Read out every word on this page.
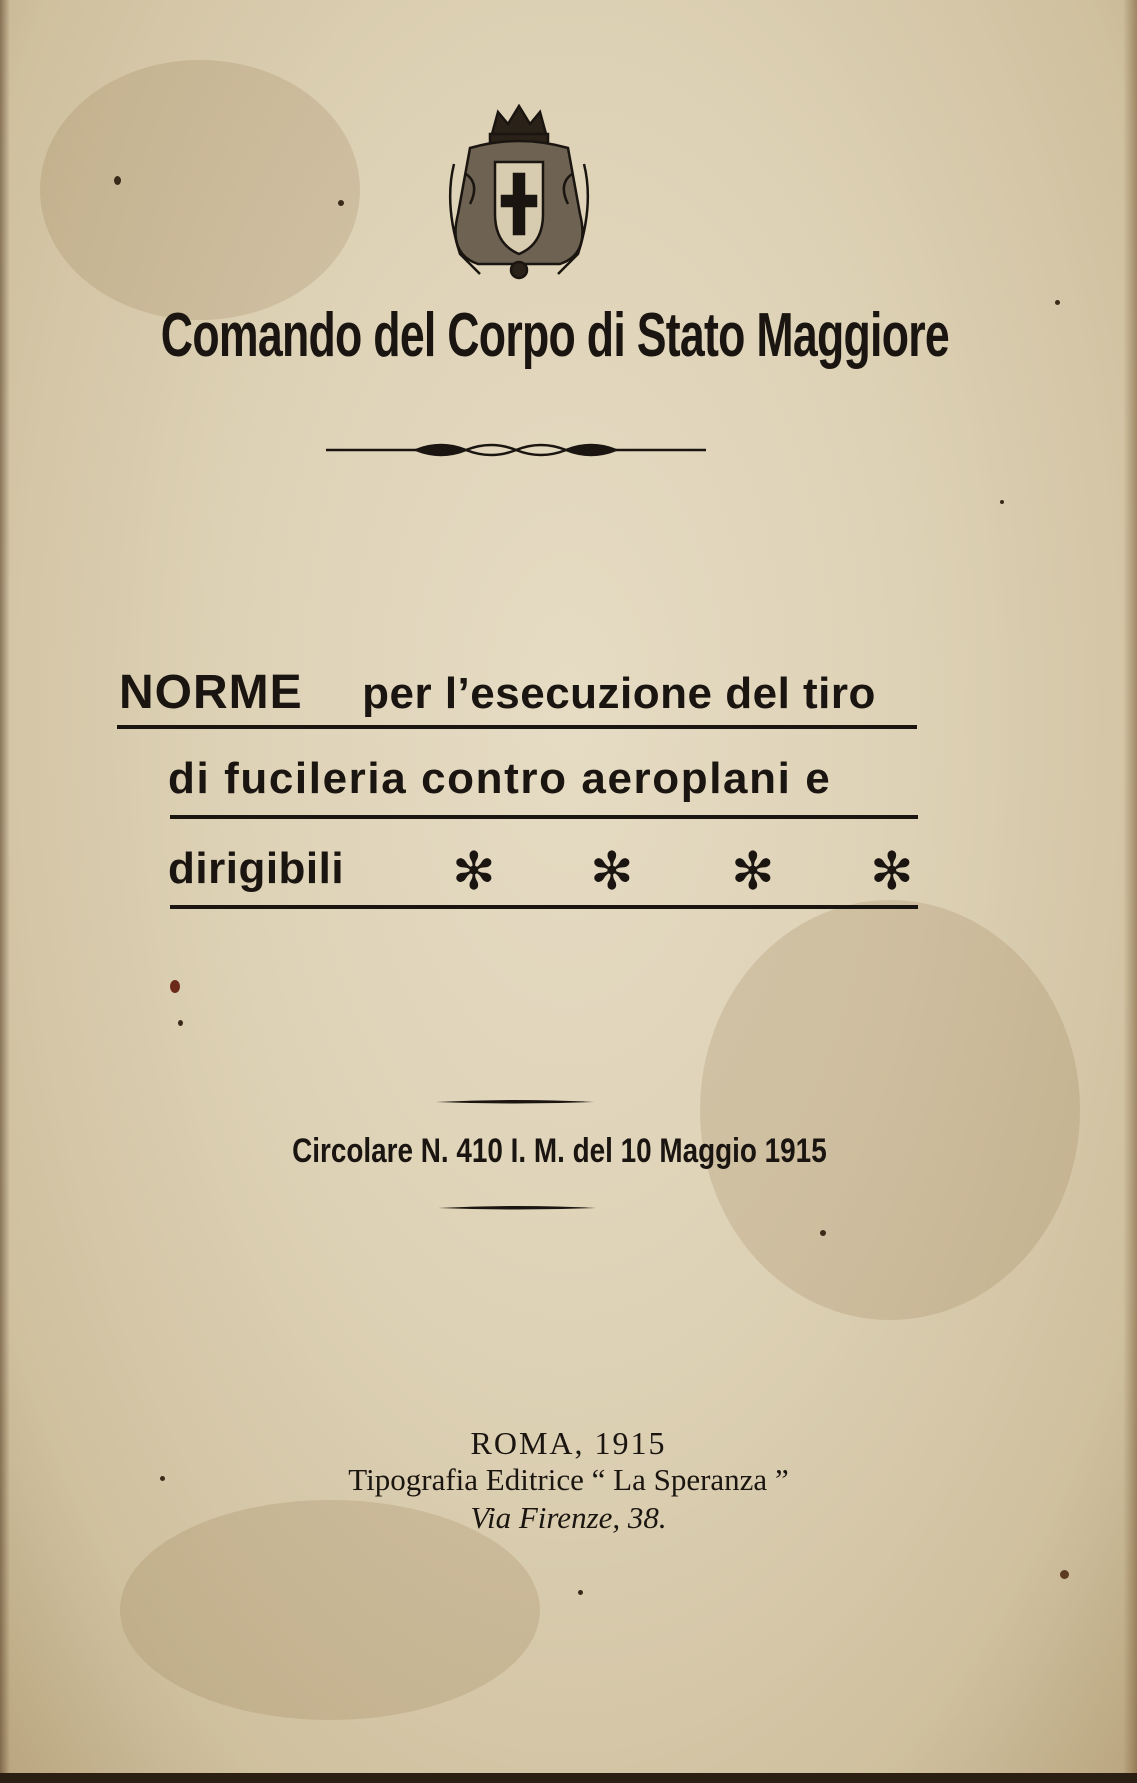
Comando del Corpo di Stato Maggiore
NORME per l’esecuzione del tiro
di fucileria contro aeroplani e
dirigibili ✻ ✻ ✻ ✻
Circolare N. 410 I. M. del 10 Maggio 1915
ROMA, 1915
Tipografia Editrice “ La Speranza ”
Via Firenze, 38.
